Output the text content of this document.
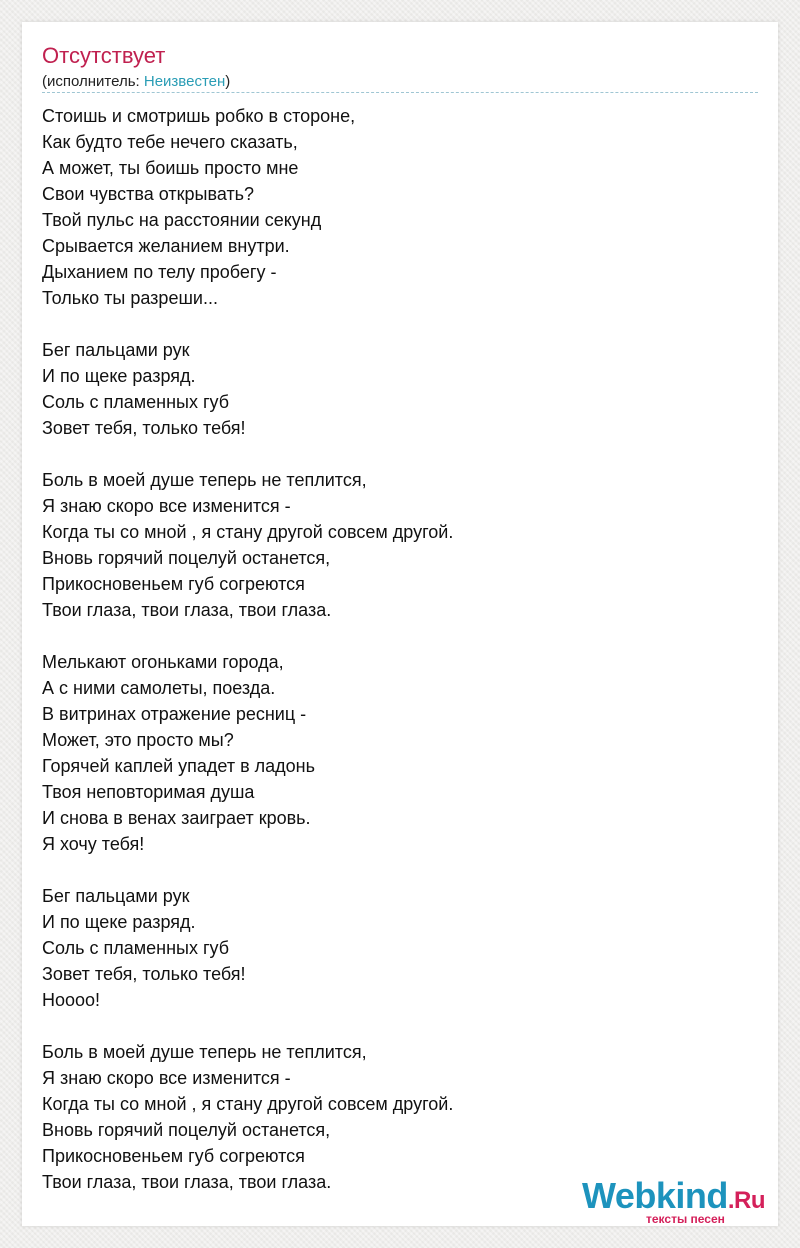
Отсутствует
(исполнитель: Неизвестен)
Стоишь и смотришь робко в стороне,
Как будто тебе нечего сказать,
А может, ты боишь просто мне
Свои чувства открывать?
Твой пульс на расстоянии секунд
Срывается желанием внутри.
Дыханием по телу пробегу -
Только ты разреши...
Бег пальцами рук
И по щеке разряд.
Соль с пламенных губ
Зовет тебя, только тебя!
Боль в моей душе теперь не теплится,
Я знаю скоро все изменится -
Когда ты со мной , я стану другой совсем другой.
Вновь горячий поцелуй останется,
Прикосновеньем губ согреются
Твои глаза, твои глаза, твои глаза.
Мелькают огоньками города,
А с ними самолеты, поезда.
В витринах отражение ресниц -
Может, это просто мы?
Горячей каплей упадет в ладонь
Твоя неповторимая душа
И снова в венах заиграет кровь.
Я хочу тебя!
Бег пальцами рук
И по щеке разряд.
Соль с пламенных губ
Зовет тебя, только тебя!
Нoooo!
Боль в моей душе теперь не теплится,
Я знаю скоро все изменится -
Когда ты со мной , я стану другой совсем другой.
Вновь горячий поцелуй останется,
Прикосновеньем губ согреются
Твои глаза, твои глаза, твои глаза.	Webkind.Ru
тексты песен
